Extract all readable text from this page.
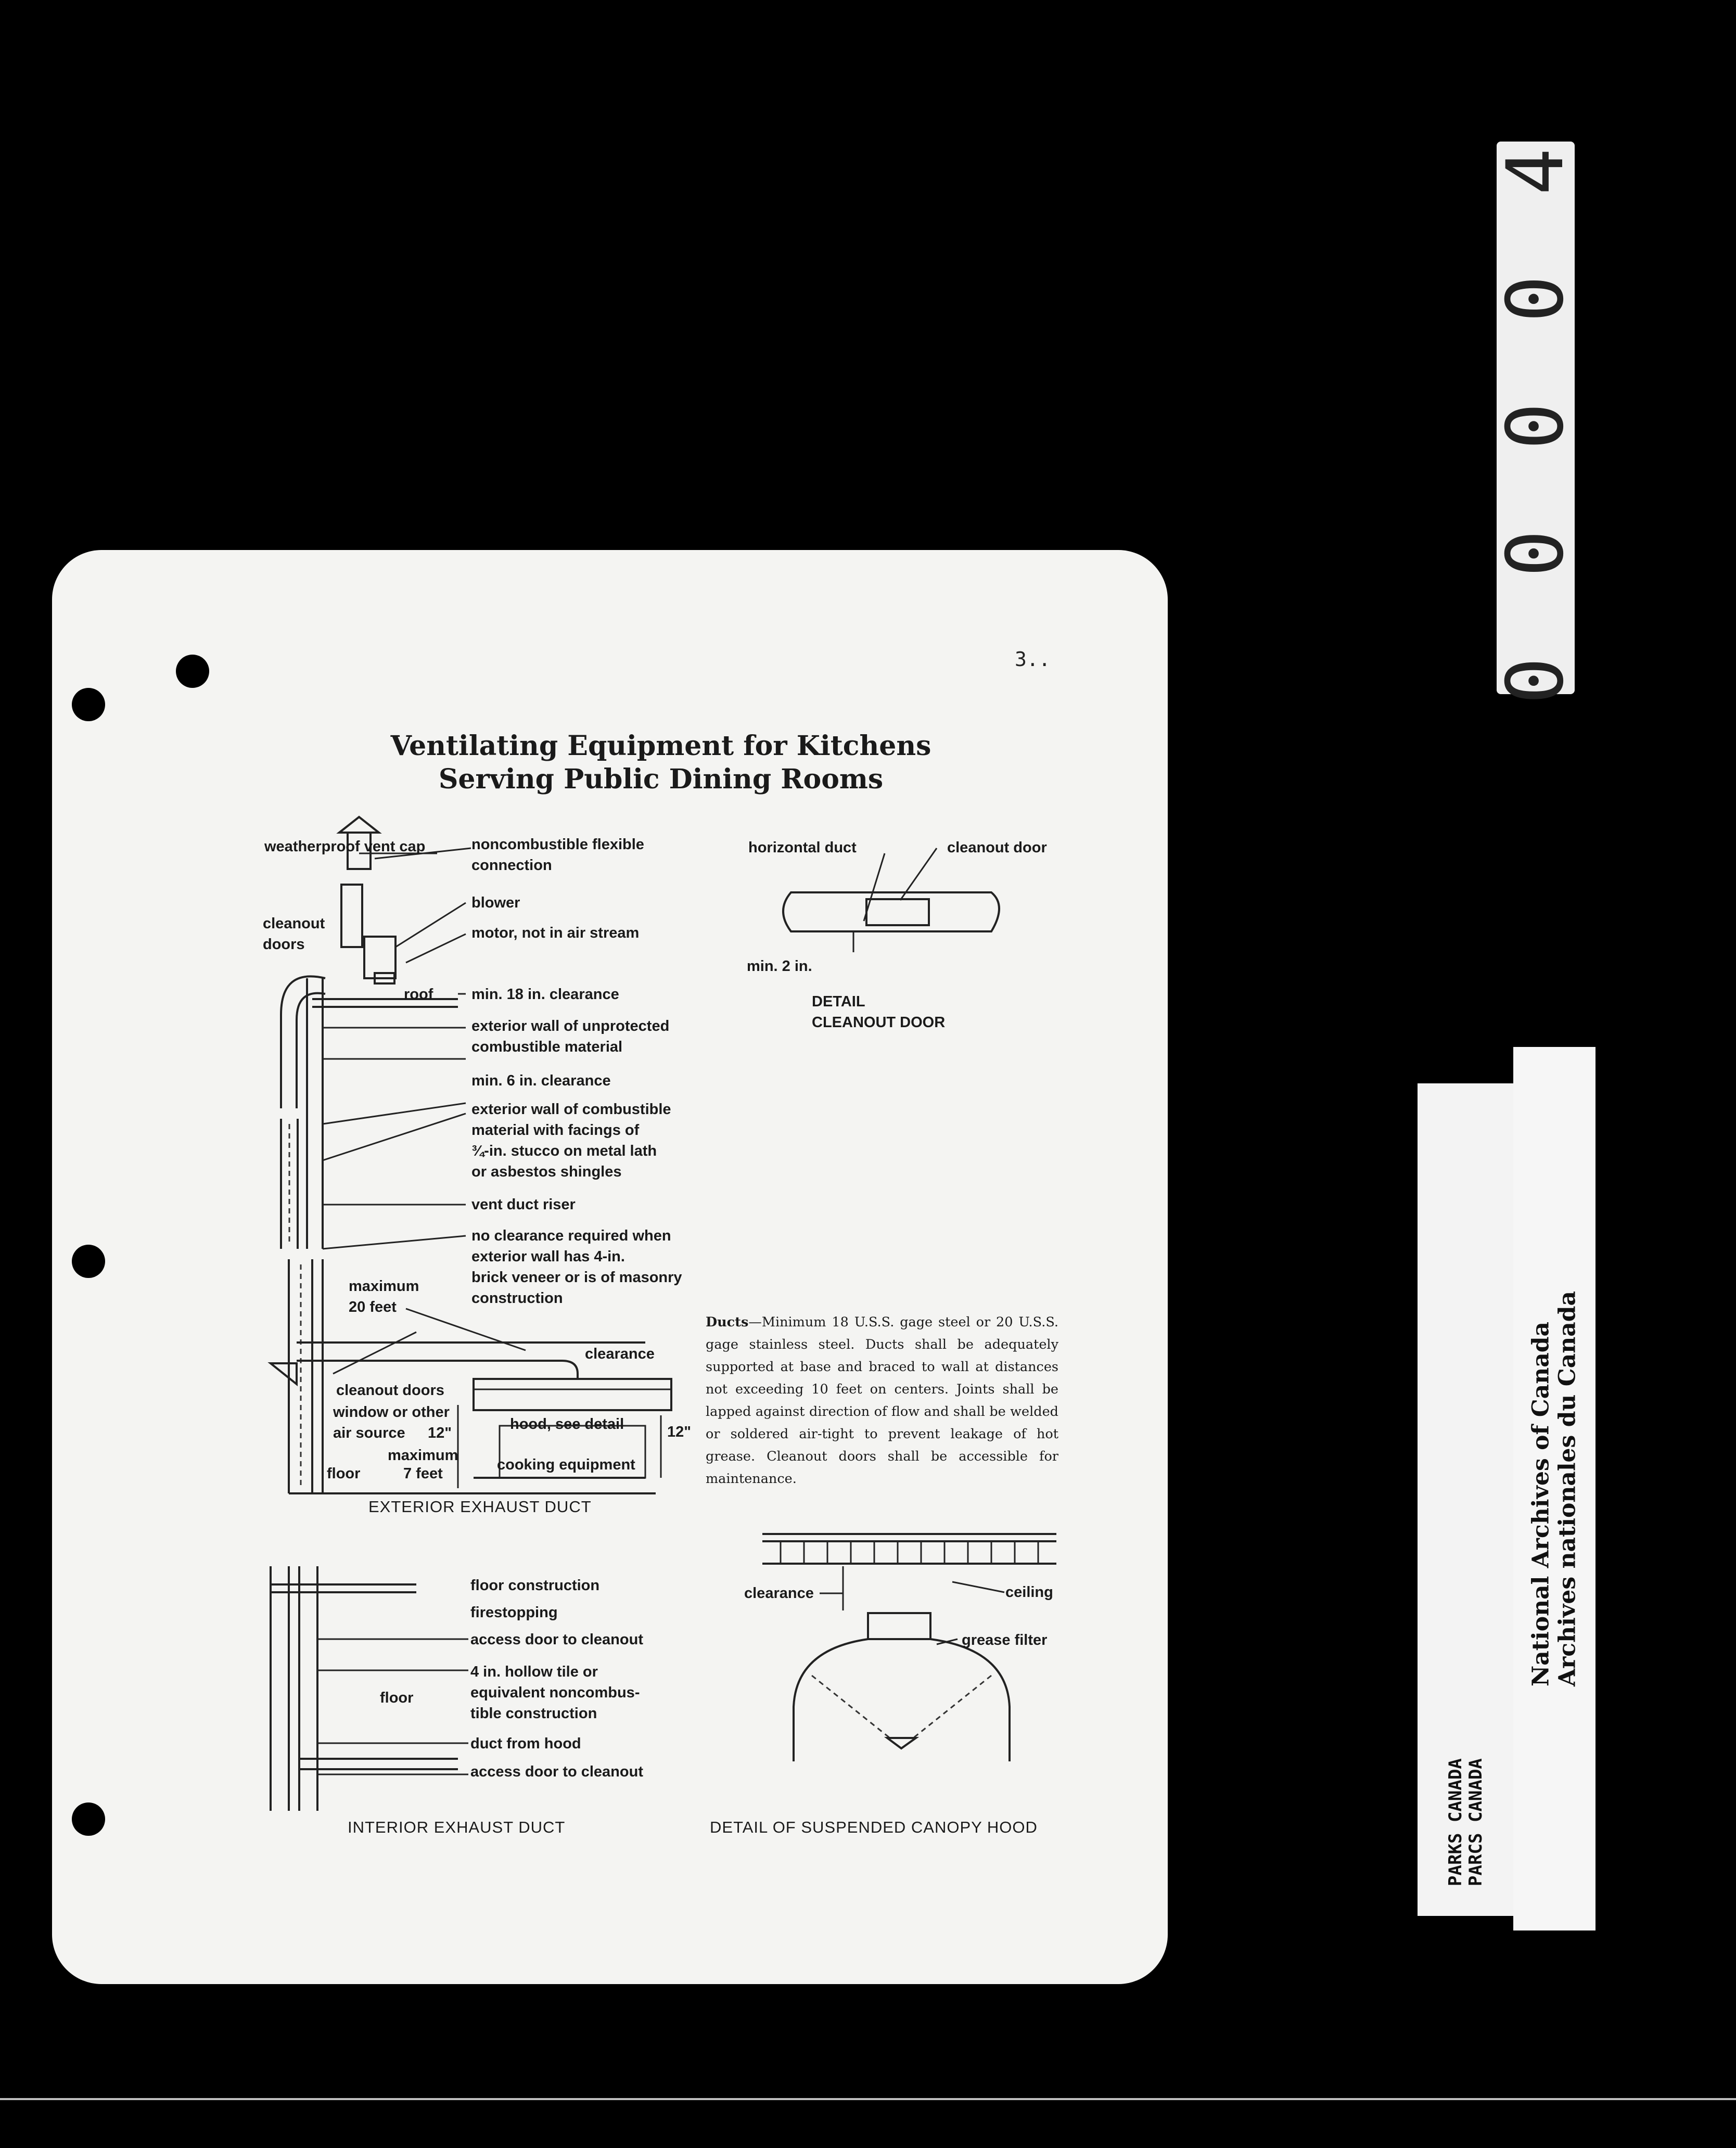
0 0 0 0 4
PARKS CANADA PARCS CANADA
National Archives of Canada Archives nationales du Canada
3..
Ventilating Equipment for Kitchens
Serving Public Dining Rooms
weatherproof vent cap	noncombustible flexible
connection
blower
motor, not in air stream
cleanout
doors
roof	min. 18 in. clearance
exterior wall of unprotected
combustible material
min. 6 in. clearance
exterior wall of combustible
material with facings of
¾-in. stucco on metal lath
or asbestos shingles
vent duct riser
no clearance required when
exterior wall has 4-in.
brick veneer or is of masonry
construction
maximum
20 feet
clearance
cleanout doors
window or other
air source 12"
hood, see detail	12"
maximum
7 feet
floor
cooking equipment
EXTERIOR EXHAUST DUCT
horizontal duct	cleanout door
min. 2 in.
DETAIL
CLEANOUT DOOR
Ducts—Minimum 18 U.S.S. gage steel or 20 U.S.S. gage stainless steel. Ducts shall be adequately supported at base and braced to wall at distances not exceeding 10 feet on centers. Joints shall be lapped against direction of flow and shall be welded or soldered air-tight to prevent leakage of hot grease. Cleanout doors shall be accessible for maintenance.
floor construction
firestopping
access door to cleanout
4 in. hollow tile or
equivalent noncombus-
tible construction
floor
duct from hood
access door to cleanout
INTERIOR EXHAUST DUCT
clearance	ceiling
grease filter
DETAIL OF SUSPENDED CANOPY HOOD
